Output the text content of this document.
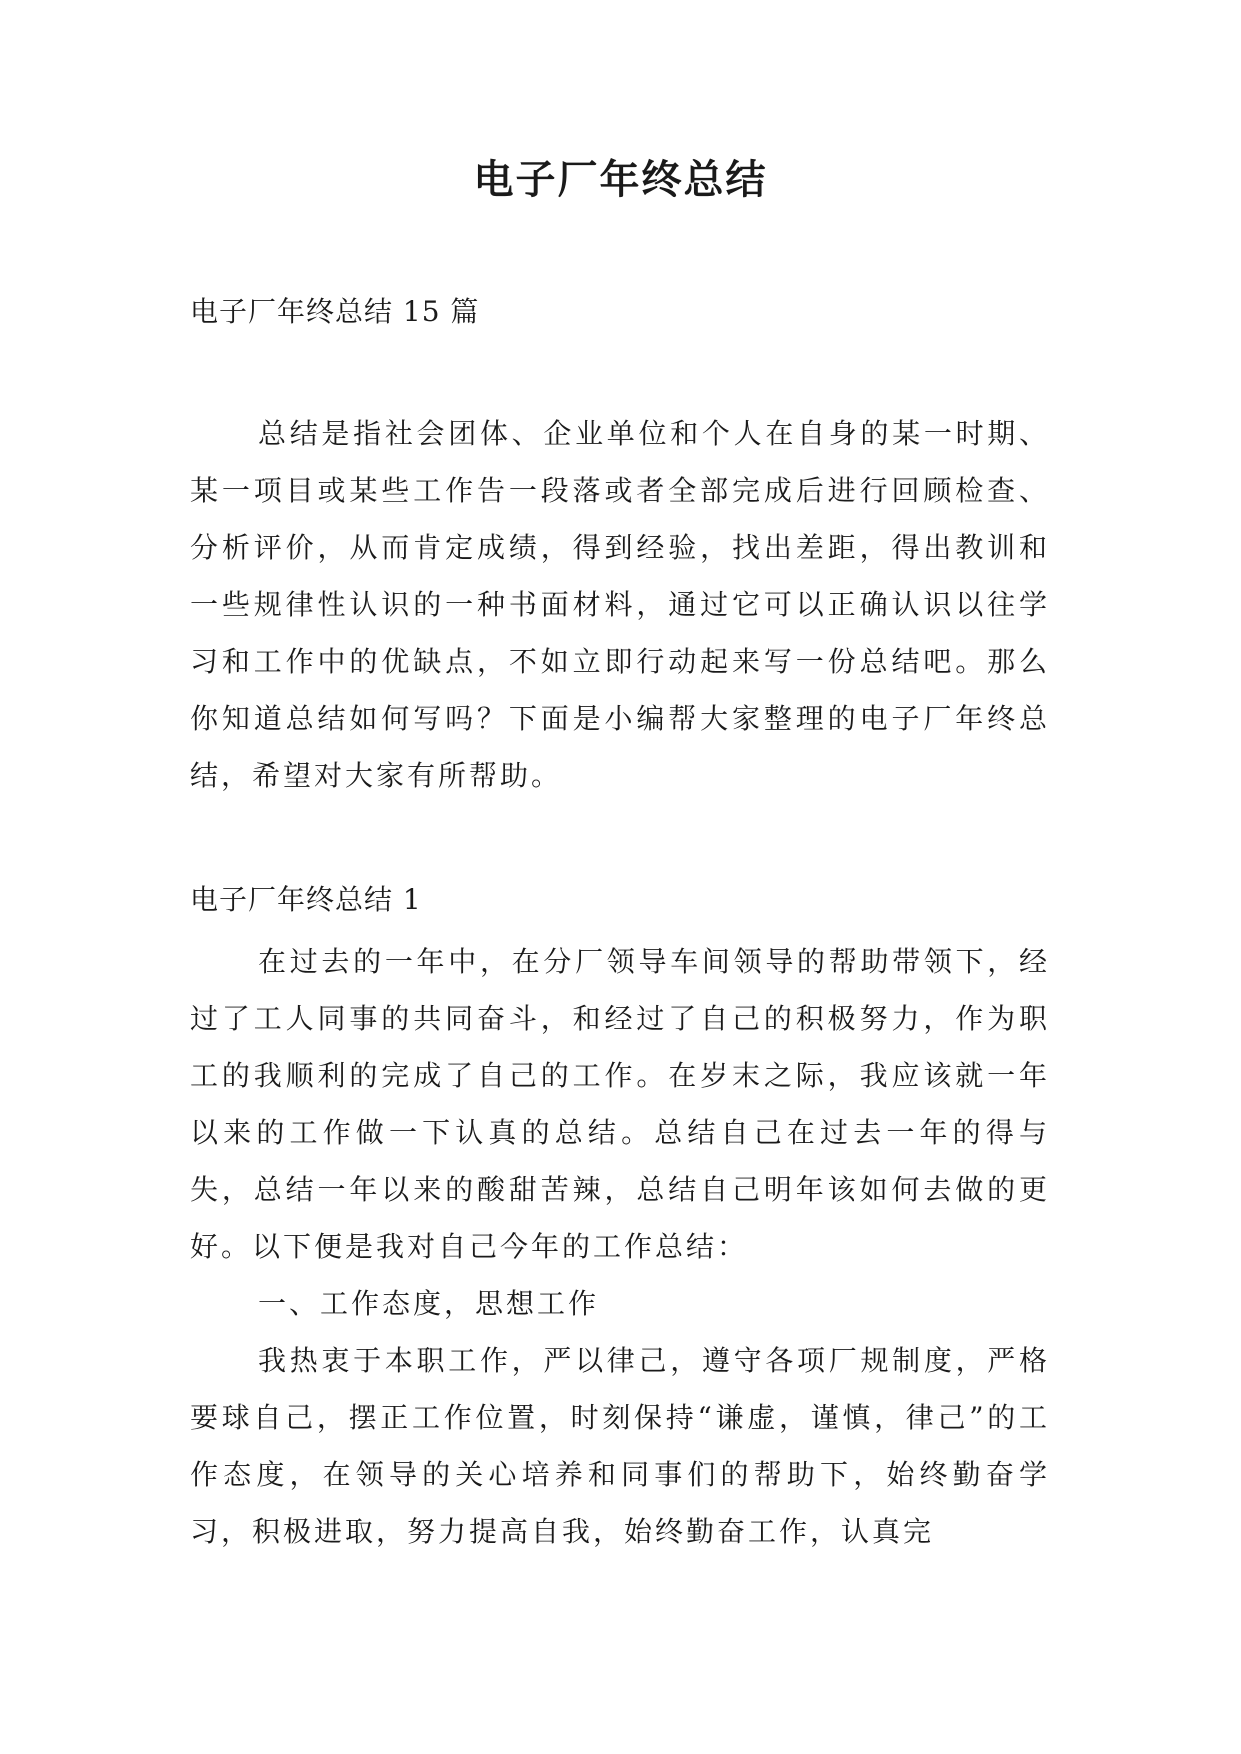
电子厂年终总结
电子厂年终总结 15 篇

总结是指社会团体、企业单位和个人在自身的某一时期、某一项目或某些工作告一段落或者全部完成后进行回顾检查、分析评价，从而肯定成绩，得到经验，找出差距，得出教训和一些规律性认识的一种书面材料，通过它可以正确认识以往学习和工作中的优缺点，不如立即行动起来写一份总结吧。那么你知道总结如何写吗？下面是小编帮大家整理的电子厂年终总结，希望对大家有所帮助。

电子厂年终总结 1

在过去的一年中，在分厂领导车间领导的帮助带领下，经过了工人同事的共同奋斗，和经过了自己的积极努力，作为职工的我顺利的完成了自己的工作。在岁末之际，我应该就一年以来的工作做一下认真的总结。总结自己在过去一年的得与失，总结一年以来的酸甜苦辣，总结自己明年该如何去做的更好。以下便是我对自己今年的工作总结：

一、工作态度，思想工作

我热衷于本职工作，严以律己，遵守各项厂规制度，严格要球自己，摆正工作位置，时刻保持“谦虚，谨慎，律己”的工作态度，在领导的关心培养和同事们的帮助下，始终勤奋学习，积极进取，努力提高自我，始终勤奋工作，认真完
